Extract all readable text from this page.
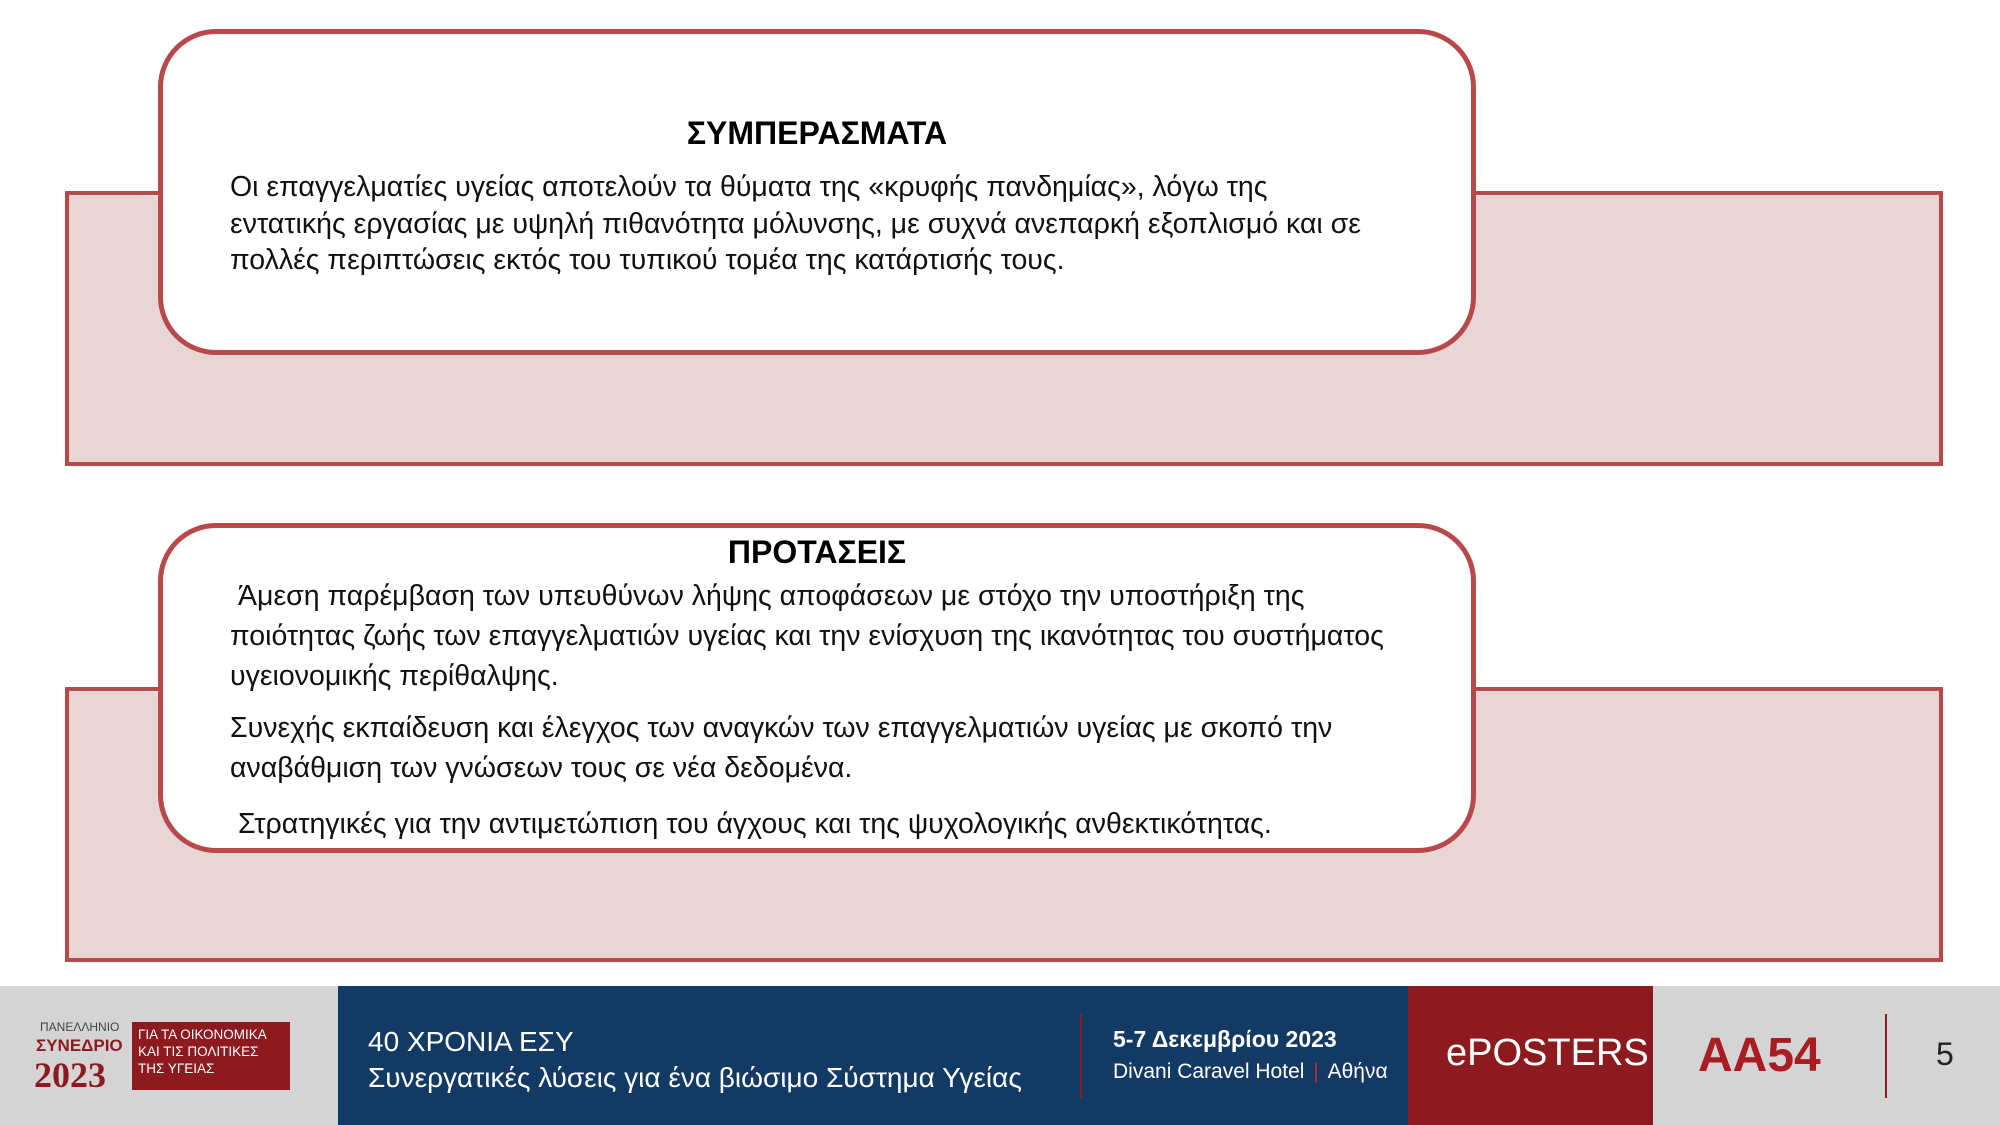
ΣΥΜΠΕΡΑΣΜΑΤΑ

Οι επαγγελματίες υγείας αποτελούν τα θύματα της «κρυφής πανδημίας», λόγω της εντατικής εργασίας με υψηλή πιθανότητα μόλυνσης, με συχνά ανεπαρκή εξοπλισμό και σε πολλές περιπτώσεις εκτός του τυπικού τομέα της κατάρτισής τους.

ΠΡΟΤΑΣΕΙΣ

Άμεση παρέμβαση των υπευθύνων λήψης αποφάσεων με στόχο την υποστήριξη της ποιότητας ζωής των επαγγελματιών υγείας και την ενίσχυση της ικανότητας του συστήματος υγειονομικής περίθαλψης.

Συνεχής εκπαίδευση και έλεγχος των αναγκών των επαγγελματιών υγείας με σκοπό την αναβάθμιση των γνώσεων τους σε νέα δεδομένα.

Στρατηγικές για την αντιμετώπιση του άγχους και της ψυχολογικής ανθεκτικότητας.

ΠΑΝΕΛΛΗΝΙΟ
ΣΥΝΕΔΡΙΟ
2023
ΓΙΑ ΤΑ ΟΙΚΟΝΟΜΙΚΑ
ΚΑΙ ΤΙΣ ΠΟΛΙΤΙΚΕΣ
ΤΗΣ ΥΓΕΙΑΣ
40 ΧΡΟΝΙΑ ΕΣΥ
Συνεργατικές λύσεις για ένα βιώσιμο Σύστημα Υγείας
5-7 Δεκεμβρίου 2023
Divani Caravel Hotel | Αθήνα ePOSTERS AA54	5
